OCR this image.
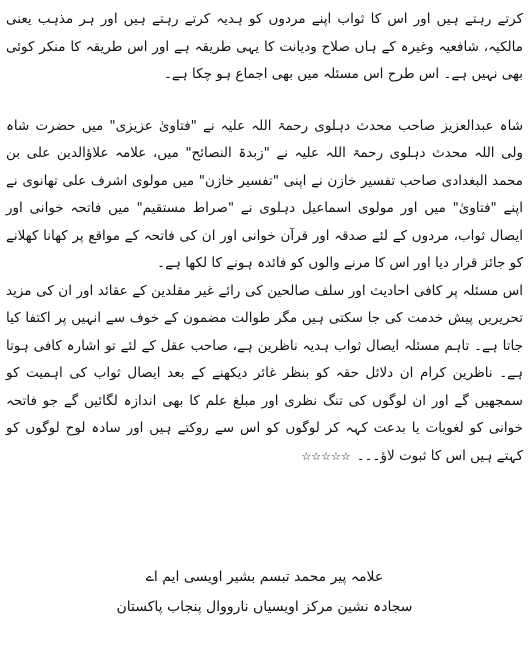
کرتے رہتے ہیں اور اس کا ثواب اپنے مردوں کو ہدیہ کرتے رہتے ہیں اور ہر مذہب یعنی مالکیہ، شافعیہ وغیرہ کے ہاں صلاح ودیانت کا یہی طریقہ ہے اور اس طریقہ کا منکر کوئی بھی نہیں ہے۔ اس طرح اس مسئلہ میں بھی اجماع ہو چکا ہے۔

شاہ عبدالعزیز صاحب محدث دہلوی رحمۃ اللہ علیہ نے "فتاویٰ عزیزی" میں حضرت شاہ ولی اللہ محدث دہلوی رحمۃ اللہ علیہ نے "زبدۃ النصائح" میں، علامہ علاؤالدین علی بن محمد البغدادی صاحب تفسیر خازن نے اپنی "تفسیر خازن" میں مولوی اشرف علی تھانوی نے اپنے "فتاویٰ" میں اور مولوی اسماعیل دہلوی نے "صراط مستقیم" میں فاتحہ خوانی اور ایصال ثواب، مردوں کے لئے صدقہ اور قرآن خوانی اور ان کی فاتحہ کے مواقع پر کھانا کھلانے کو جائز قرار دیا اور اس کا مرنے والوں کو فائدہ ہونے کا لکھا ہے۔

اس مسئلہ پر کافی احادیث اور سلف صالحین کی رائے غیر مقلدین کے عقائد اور ان کی مزید تحریریں پیش خدمت کی جا سکتی ہیں مگر طوالت مضمون کے خوف سے انہیں پر اکتفا کیا جاتا ہے۔ تاہم مسئلہ ایصال ثواب ہدیہ ناظرین ہے، صاحب عقل کے لئے تو اشارہ کافی ہوتا ہے۔ ناظرین کرام ان دلائل حقہ کو بنظر غائر دیکھنے کے بعد ایصال ثواب کی اہمیت کو سمجھیں گے اور ان لوگوں کی تنگ نظری اور مبلغ علم کا بھی اندازہ لگائیں گے جو فاتحہ خوانی کو لغویات یا بدعت کہہ کر لوگوں کو اس سے روکتے ہیں اور سادہ لوح لوگوں کو کہتے ہیں اس کا ثبوت لاؤ۔۔۔☆☆☆☆☆

علامہ پیر محمد تبسم بشیر اویسی ایم اے
سجادہ نشین مرکز اویسیاں نارووال پنجاب پاکستان
